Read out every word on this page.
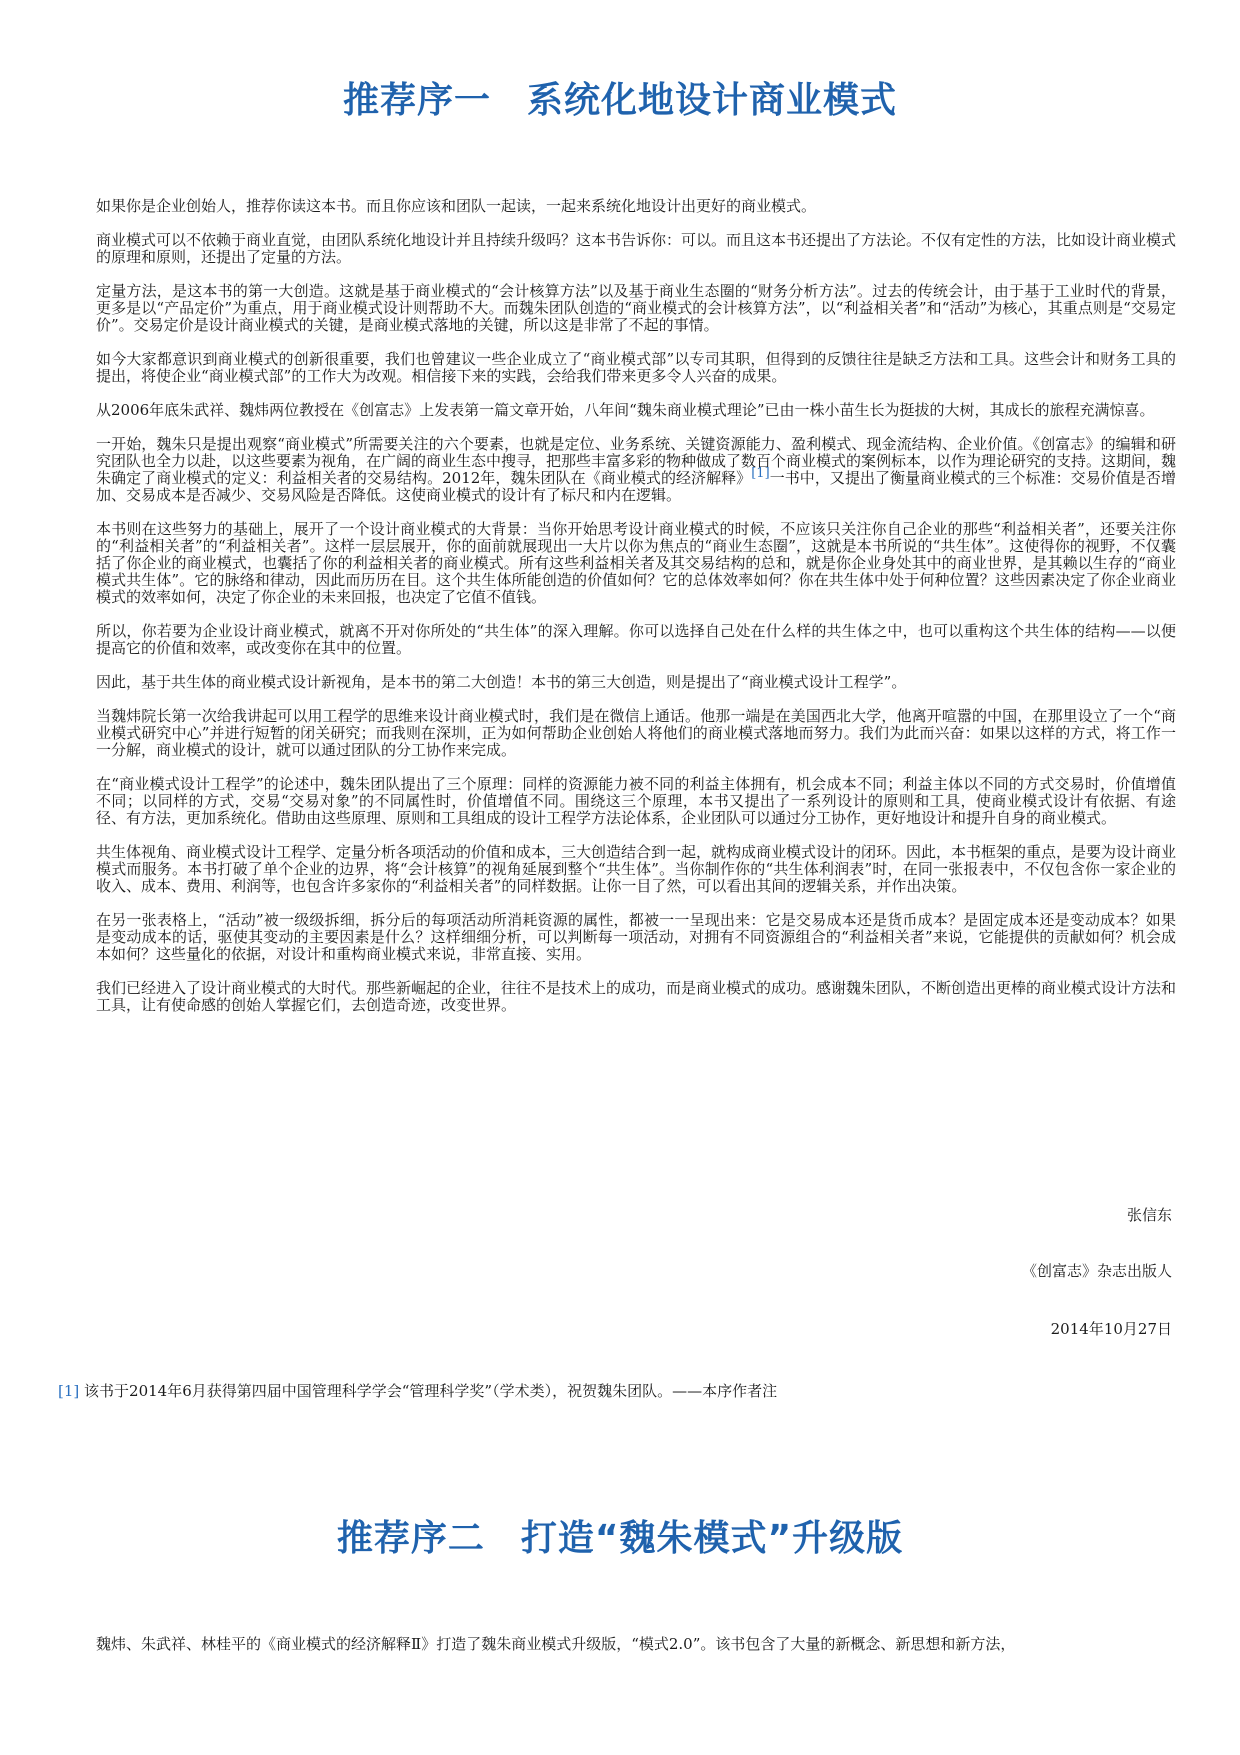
推荐序一 系统化地设计商业模式

如果你是企业创始人，推荐你读这本书。而且你应该和团队一起读，一起来系统化地设计出更好的商业模式。

商业模式可以不依赖于商业直觉，由团队系统化地设计并且持续升级吗？这本书告诉你：可以。而且这本书还提出了方法论。不仅有定性的方法，比如设计商业模式的原理和原则，还提出了定量的方法。

定量方法，是这本书的第一大创造。这就是基于商业模式的“会计核算方法”以及基于商业生态圈的“财务分析方法”。过去的传统会计，由于基于工业时代的背景，更多是以“产品定价”为重点，用于商业模式设计则帮助不大。而魏朱团队创造的“商业模式的会计核算方法”，以“利益相关者”和“活动”为核心，其重点则是“交易定价”。交易定价是设计商业模式的关键，是商业模式落地的关键，所以这是非常了不起的事情。

如今大家都意识到商业模式的创新很重要，我们也曾建议一些企业成立了“商业模式部”以专司其职，但得到的反馈往往是缺乏方法和工具。这些会计和财务工具的提出，将使企业“商业模式部”的工作大为改观。相信接下来的实践，会给我们带来更多令人兴奋的成果。

从2006年底朱武祥、魏炜两位教授在《创富志》上发表第一篇文章开始，八年间“魏朱商业模式理论”已由一株小苗生长为挺拔的大树，其成长的旅程充满惊喜。

一开始，魏朱只是提出观察“商业模式”所需要关注的六个要素，也就是定位、业务系统、关键资源能力、盈利模式、现金流结构、企业价值。《创富志》的编辑和研究团队也全力以赴，以这些要素为视角，在广阔的商业生态中搜寻，把那些丰富多彩的物种做成了数百个商业模式的案例标本，以作为理论研究的支持。这期间，魏朱确定了商业模式的定义：利益相关者的交易结构。2012年，魏朱团队在《商业模式的经济解释》[1]一书中，又提出了衡量商业模式的三个标准：交易价值是否增加、交易成本是否减少、交易风险是否降低。这使商业模式的设计有了标尺和内在逻辑。

本书则在这些努力的基础上，展开了一个设计商业模式的大背景：当你开始思考设计商业模式的时候，不应该只关注你自己企业的那些“利益相关者”，还要关注你的“利益相关者”的“利益相关者”。这样一层层展开，你的面前就展现出一大片以你为焦点的“商业生态圈”，这就是本书所说的“共生体”。这使得你的视野，不仅囊括了你企业的商业模式，也囊括了你的利益相关者的商业模式。所有这些利益相关者及其交易结构的总和，就是你企业身处其中的商业世界，是其赖以生存的“商业模式共生体”。它的脉络和律动，因此而历历在目。这个共生体所能创造的价值如何？它的总体效率如何？你在共生体中处于何种位置？这些因素决定了你企业商业模式的效率如何，决定了你企业的未来回报，也决定了它值不值钱。

所以，你若要为企业设计商业模式，就离不开对你所处的“共生体”的深入理解。你可以选择自己处在什么样的共生体之中，也可以重构这个共生体的结构——以便提高它的价值和效率，或改变你在其中的位置。

因此，基于共生体的商业模式设计新视角，是本书的第二大创造！本书的第三大创造，则是提出了“商业模式设计工程学”。

当魏炜院长第一次给我讲起可以用工程学的思维来设计商业模式时，我们是在微信上通话。他那一端是在美国西北大学，他离开喧嚣的中国，在那里设立了一个“商业模式研究中心”并进行短暂的闭关研究；而我则在深圳，正为如何帮助企业创始人将他们的商业模式落地而努力。我们为此而兴奋：如果以这样的方式，将工作一一分解，商业模式的设计，就可以通过团队的分工协作来完成。

在“商业模式设计工程学”的论述中，魏朱团队提出了三个原理：同样的资源能力被不同的利益主体拥有，机会成本不同；利益主体以不同的方式交易时，价值增值不同；以同样的方式，交易“交易对象”的不同属性时，价值增值不同。围绕这三个原理，本书又提出了一系列设计的原则和工具，使商业模式设计有依据、有途径、有方法，更加系统化。借助由这些原理、原则和工具组成的设计工程学方法论体系，企业团队可以通过分工协作，更好地设计和提升自身的商业模式。

共生体视角、商业模式设计工程学、定量分析各项活动的价值和成本，三大创造结合到一起，就构成商业模式设计的闭环。因此，本书框架的重点，是要为设计商业模式而服务。本书打破了单个企业的边界，将“会计核算”的视角延展到整个“共生体”。当你制作你的“共生体利润表”时，在同一张报表中，不仅包含你一家企业的收入、成本、费用、利润等，也包含许多家你的“利益相关者”的同样数据。让你一目了然，可以看出其间的逻辑关系，并作出决策。

在另一张表格上，“活动”被一级级拆细，拆分后的每项活动所消耗资源的属性，都被一一呈现出来：它是交易成本还是货币成本？是固定成本还是变动成本？如果是变动成本的话，驱使其变动的主要因素是什么？这样细细分析，可以判断每一项活动，对拥有不同资源组合的“利益相关者”来说，它能提供的贡献如何？机会成本如何？这些量化的依据，对设计和重构商业模式来说，非常直接、实用。

我们已经进入了设计商业模式的大时代。那些新崛起的企业，往往不是技术上的成功，而是商业模式的成功。感谢魏朱团队，不断创造出更棒的商业模式设计方法和工具，让有使命感的创始人掌握它们，去创造奇迹，改变世界。

张信东

《创富志》杂志出版人

2014年10月27日

[1] 该书于2014年6月获得第四届中国管理科学学会“管理科学奖”（学术类），祝贺魏朱团队。——本序作者注

推荐序二 打造“魏朱模式”升级版

魏炜、朱武祥、林桂平的《商业模式的经济解释Ⅱ》打造了魏朱商业模式升级版，“模式2.0”。该书包含了大量的新概念、新思想和新方法，
